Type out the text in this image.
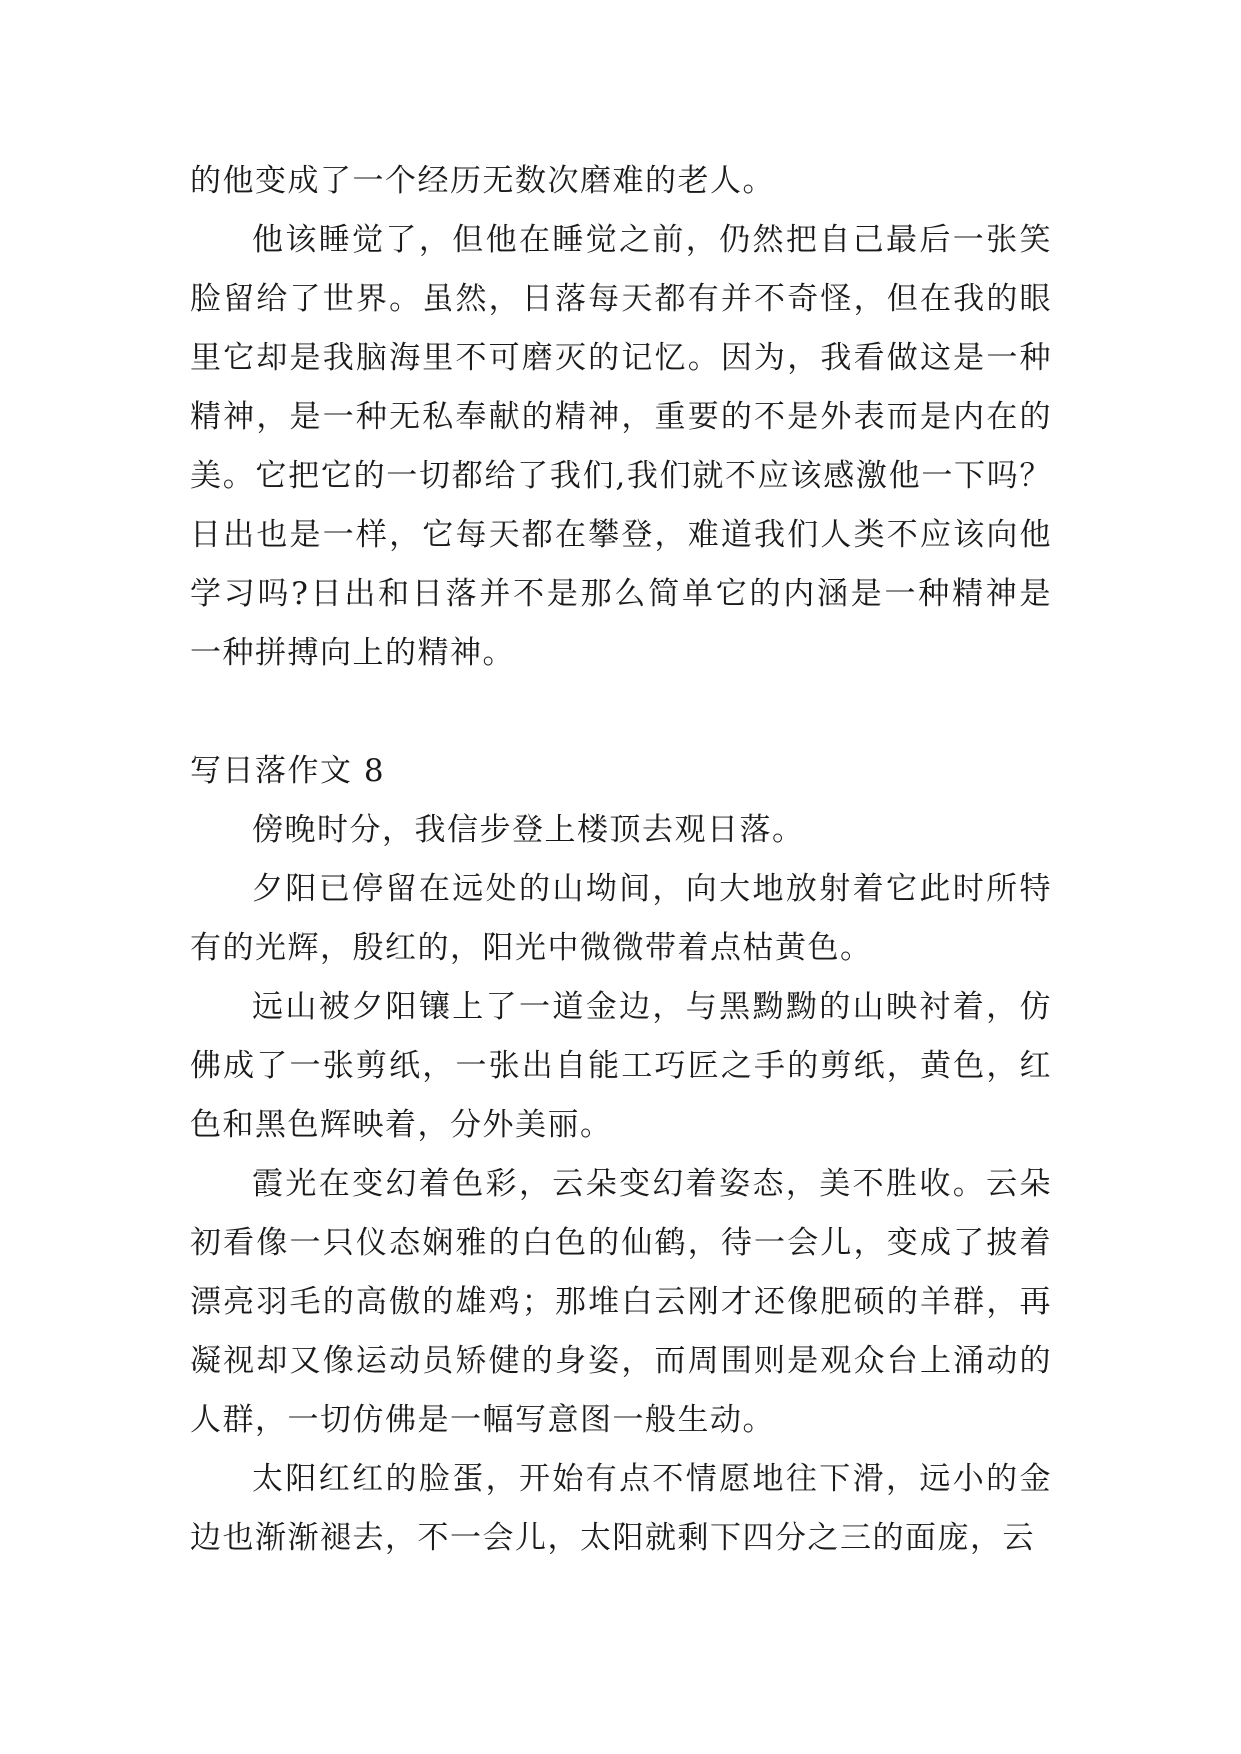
的他变成了一个经历无数次磨难的老人。

他该睡觉了，但他在睡觉之前，仍然把自己最后一张笑脸留给了世界。虽然，日落每天都有并不奇怪，但在我的眼里它却是我脑海里不可磨灭的记忆。因为，我看做这是一种精神，是一种无私奉献的精神，重要的不是外表而是内在的美。它把它的一切都给了我们,我们就不应该感激他一下吗？日出也是一样，它每天都在攀登，难道我们人类不应该向他学习吗?日出和日落并不是那么简单它的内涵是一种精神是一种拼搏向上的精神。

写日落作文 8

傍晚时分，我信步登上楼顶去观日落。

夕阳已停留在远处的山坳间，向大地放射着它此时所特有的光辉，殷红的，阳光中微微带着点枯黄色。

远山被夕阳镶上了一道金边，与黑黝黝的山映衬着，仿佛成了一张剪纸，一张出自能工巧匠之手的剪纸，黄色，红色和黑色辉映着，分外美丽。

霞光在变幻着色彩，云朵变幻着姿态，美不胜收。云朵初看像一只仪态娴雅的白色的仙鹤，待一会儿，变成了披着漂亮羽毛的高傲的雄鸡；那堆白云刚才还像肥硕的羊群，再凝视却又像运动员矫健的身姿，而周围则是观众台上涌动的人群，一切仿佛是一幅写意图一般生动。

太阳红红的脸蛋，开始有点不情愿地往下滑，远小的金边也渐渐褪去，不一会儿，太阳就剩下四分之三的面庞，云
